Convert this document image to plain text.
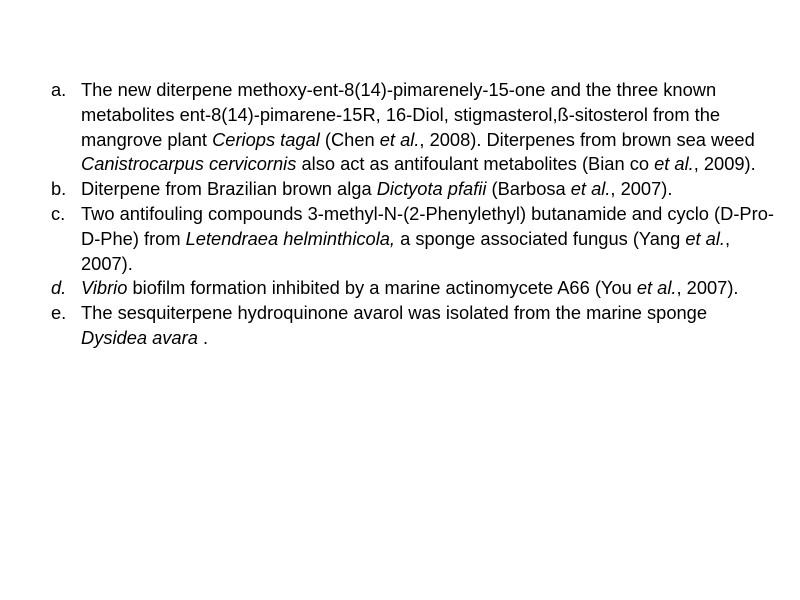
a. The new diterpene methoxy-ent-8(14)-pimarenely-15-one and the three known metabolites ent-8(14)-pimarene-15R, 16-Diol, stigmasterol,ß-sitosterol from the mangrove plant Ceriops tagal (Chen et al., 2008). Diterpenes from brown sea weed Canistrocarpus cervicornis also act as antifoulant metabolites (Bian co et al., 2009).
b. Diterpene from Brazilian brown alga Dictyota pfafii (Barbosa et al., 2007).
c. Two antifouling compounds 3-methyl-N-(2-Phenylethyl) butanamide and cyclo (D-Pro-D-Phe) from Letendraea helminthicola, a sponge associated fungus (Yang et al., 2007).
d. Vibrio biofilm formation inhibited by a marine actinomycete A66 (You et al., 2007).
e. The sesquiterpene hydroquinone avarol was isolated from the marine sponge Dysidea avara .
